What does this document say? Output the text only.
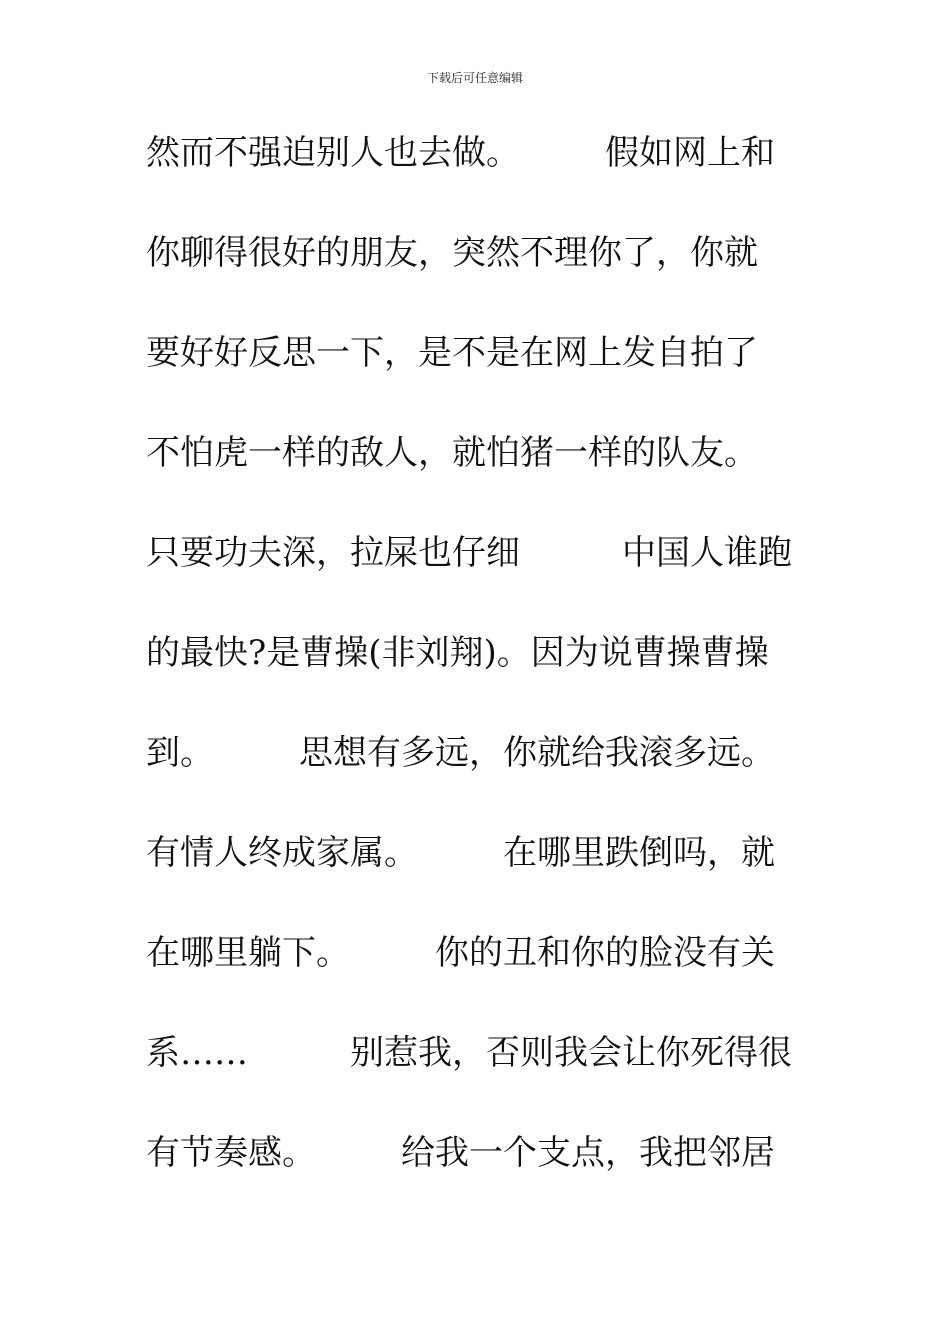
下载后可任意编辑
然而不强迫别人也去做。　　　假如网上和
你聊得很好的朋友，突然不理你了，你就
要好好反思一下，是不是在网上发自拍了
不怕虎一样的敌人，就怕猪一样的队友。
只要功夫深，拉屎也仔细　　　中国人谁跑
的最快?是曹操(非刘翔)。因为说曹操曹操
到。　　　思想有多远，你就给我滚多远。
有情人终成家属。　　　在哪里跌倒吗，就
在哪里躺下。　　　你的丑和你的脸没有关
系……　　　别惹我，否则我会让你死得很
有节奏感。　　　给我一个支点，我把邻居
